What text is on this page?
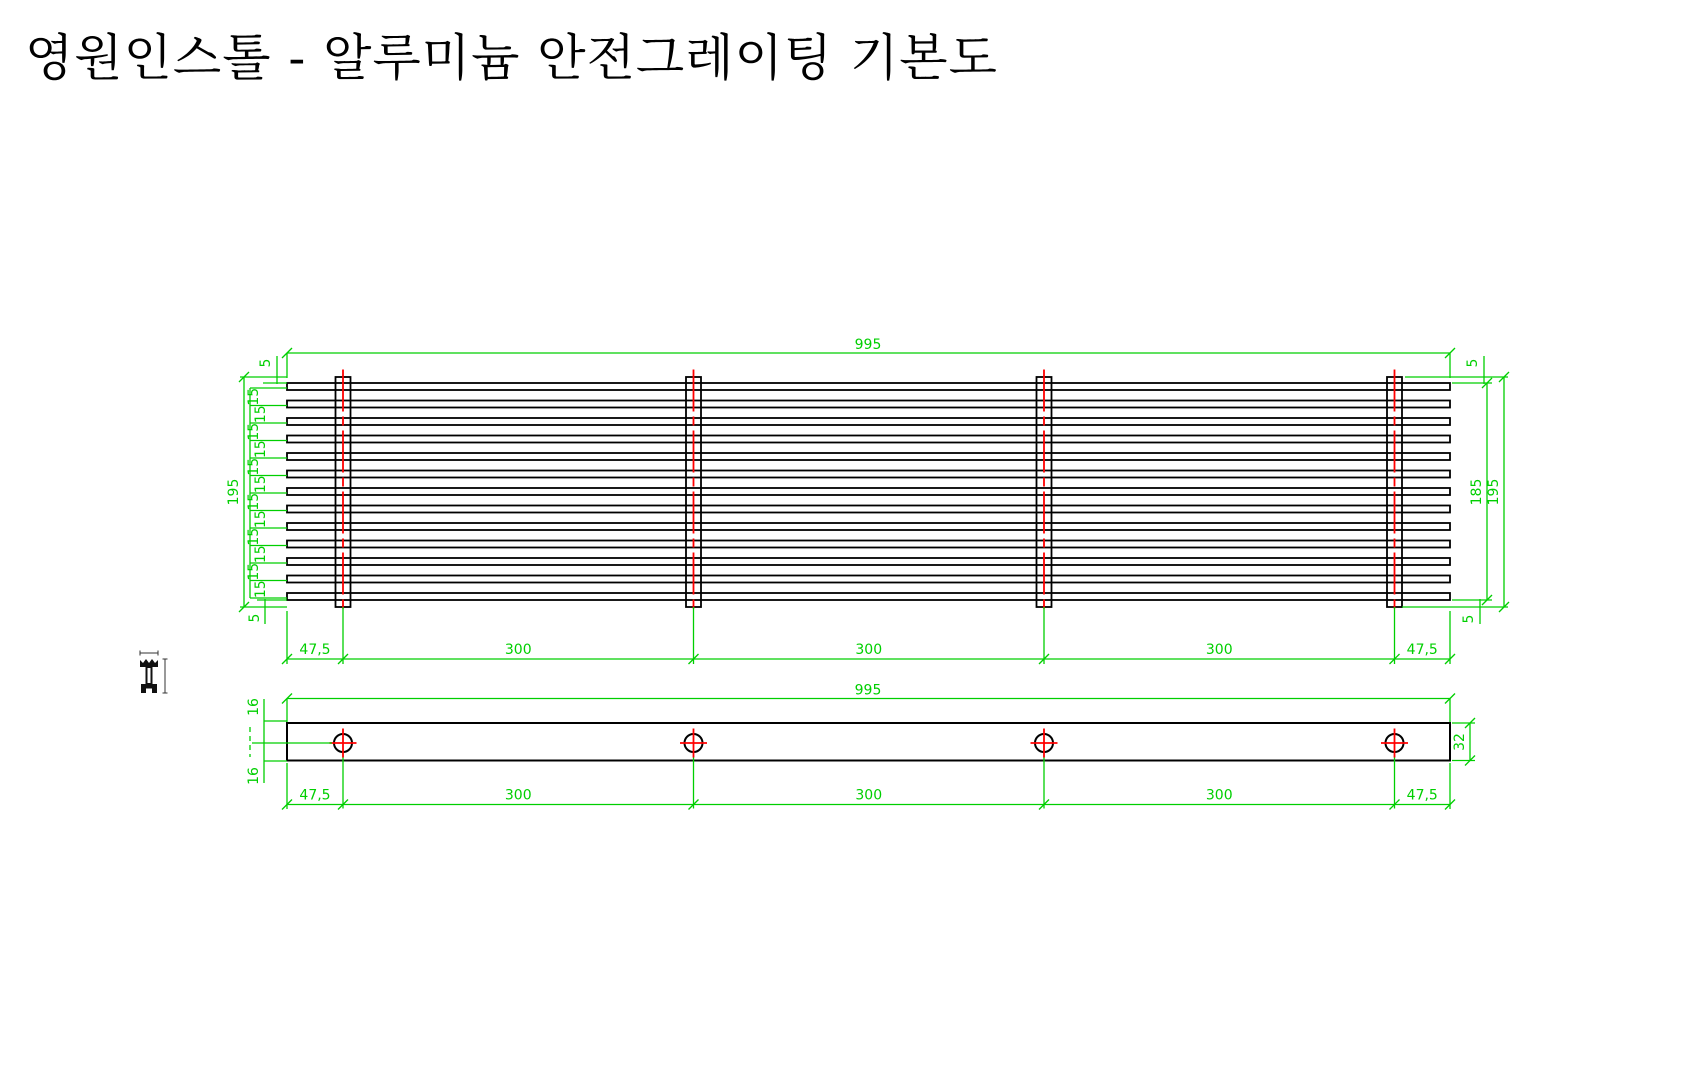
영원인스톨 - 알루미늄 안전그레이팅 기본도
995
195
15
15
15
15
15
15
15
15
15
15
15
15
5
5
5
5
185 195
47,5	300	300	300	47,5
995
16
16
32
47,5	300	300	300	47,5
